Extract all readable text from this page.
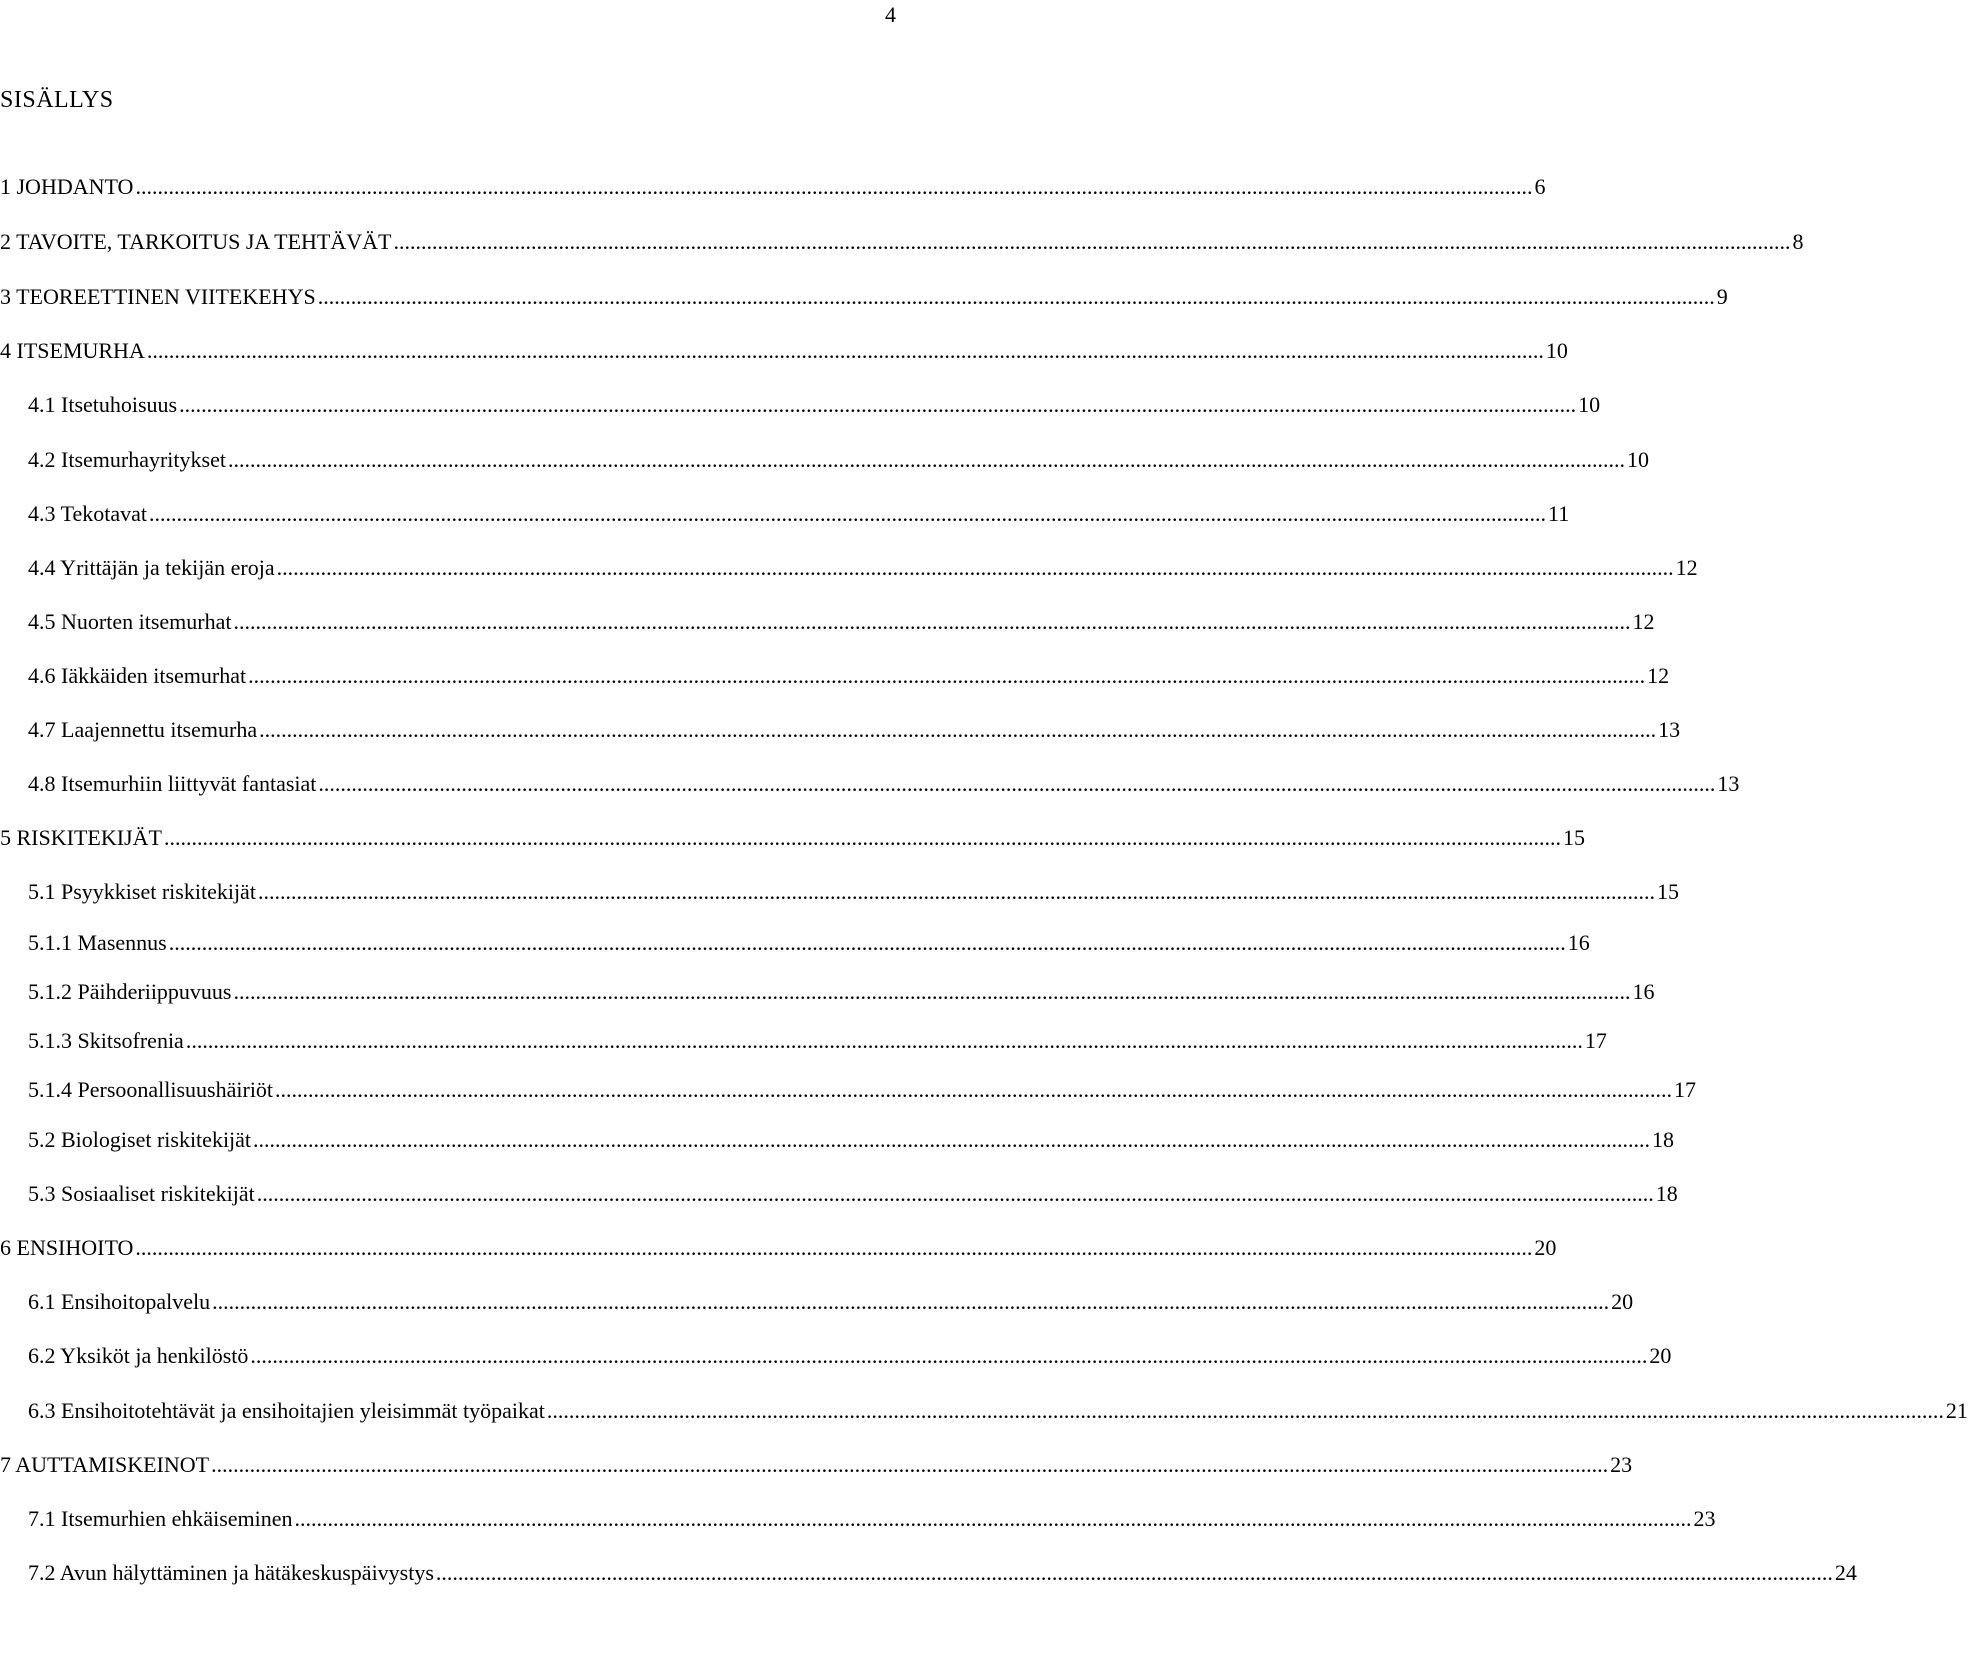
4
SISÄLLYS
1 JOHDANTO .....	6
2 TAVOITE, TARKOITUS JA TEHTÄVÄT .....	8
3 TEOREETTINEN VIITEKEHYS .....	9
4 ITSEMURHA .....	10
4.1 Itsetuhoisuus .....	10
4.2 Itsemurhayritykset .....	10
4.3 Tekotavat .....	11
4.4 Yrittäjän ja tekijän eroja .....	12
4.5 Nuorten itsemurhat .....	12
4.6 Iäkkäiden itsemurhat .....	12
4.7 Laajennettu itsemurha .....	13
4.8 Itsemurhiin liittyvät fantasiat .....	13
5 RISKITEKIJÄT .....	15
5.1 Psyykkiset riskitekijät .....	15
5.1.1 Masennus .....	16
5.1.2 Päihderiippuvuus .....	16
5.1.3 Skitsofrenia .....	17
5.1.4 Persoonallisuushäiriöt .....	17
5.2 Biologiset riskitekijät .....	18
5.3 Sosiaaliset riskitekijät .....	18
6 ENSIHOITO .....	20
6.1 Ensihoitopalvelu .....	20
6.2 Yksiköt ja henkilöstö .....	20
6.3 Ensihoitotehtävät ja ensihoitajien yleisimmät työpaikat .....	21
7 AUTTAMISKEINOT .....	23
7.1 Itsemurhien ehkäiseminen .....	23
7.2 Avun hälyttäminen ja hätäkeskuspäivystys .....	24
